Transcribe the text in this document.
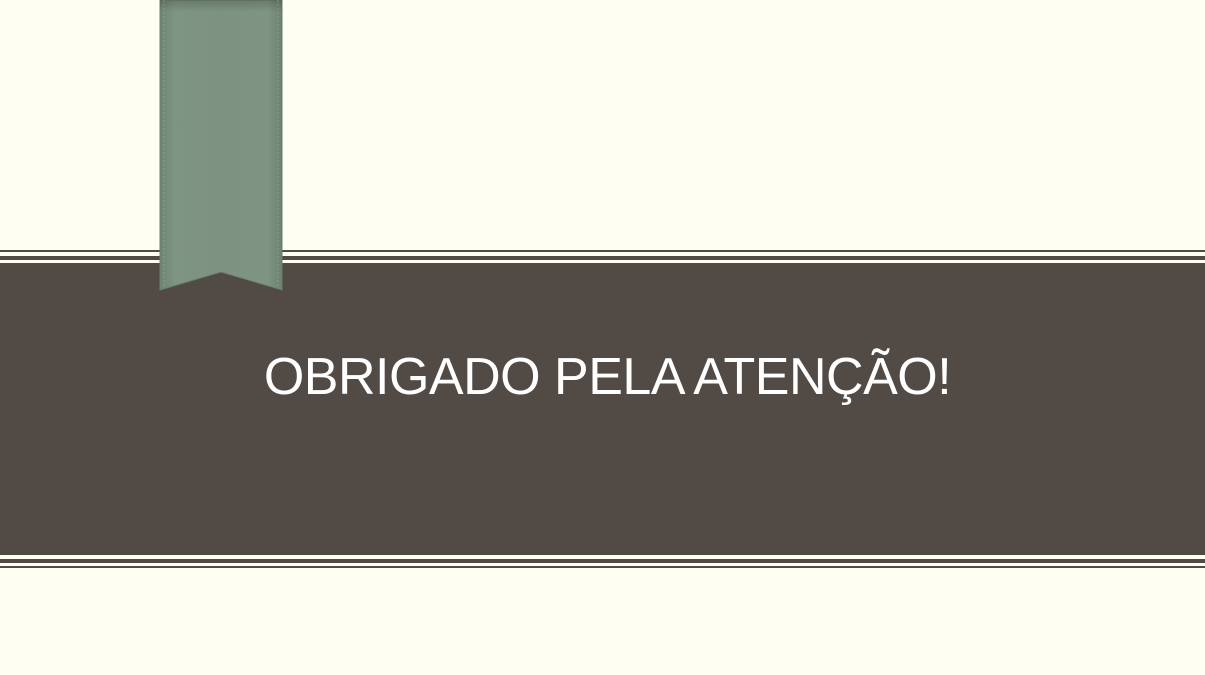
OBRIGADO PELA ATENÇÃO!
